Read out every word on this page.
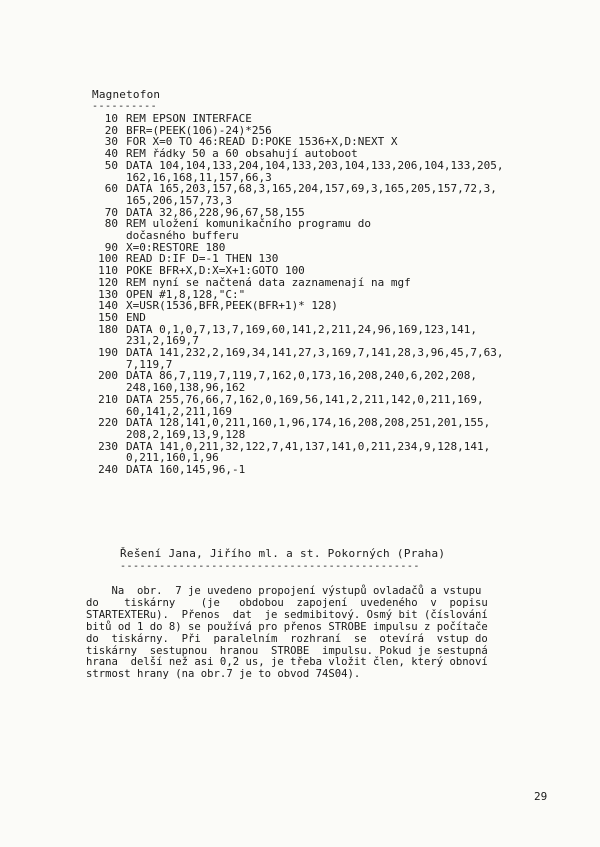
Magnetofon
----------
10 REM EPSON INTERFACE
20 BFR=(PEEK(106)-24)*256
30 FOR X=0 TO 46:READ D:POKE 1536+X,D:NEXT X
40 REM řádky 50 a 60 obsahují autoboot
50 DATA 104,104,133,204,104,133,203,104,133,206,104,133,205,
162,16,168,11,157,66,3
60 DATA 165,203,157,68,3,165,204,157,69,3,165,205,157,72,3,
165,206,157,73,3
70 DATA 32,86,228,96,67,58,155
80 REM uložení komunikačního programu do
dočasného bufferu
90 X=0:RESTORE 180
100 READ D:IF D=-1 THEN 130
110 POKE BFR+X,D:X=X+1:GOTO 100
120 REM nyní se načtená data zaznamenají na mgf
130 OPEN #1,8,128,"C:"
140 X=USR(1536,BFR,PEEK(BFR+1)* 128)
150 END
180 DATA 0,1,0,7,13,7,169,60,141,2,211,24,96,169,123,141,
231,2,169,7
190 DATA 141,232,2,169,34,141,27,3,169,7,141,28,3,96,45,7,63,
7,119,7
200 DATA 86,7,119,7,119,7,162,0,173,16,208,240,6,202,208,
248,160,138,96,162
210 DATA 255,76,66,7,162,0,169,56,141,2,211,142,0,211,169,
60,141,2,211,169
220 DATA 128,141,0,211,160,1,96,174,16,208,208,251,201,155,
208,2,169,13,9,128
230 DATA 141,0,211,32,122,7,41,137,141,0,211,234,9,128,141,
0,211,160,1,96
240 DATA 160,145,96,-1
Řešení Jana, Jiřího ml. a st. Pokorných (Praha)
----------------------------------------------
Na  obr.  7 je uvedeno propojení výstupů ovladačů a vstupu
do    tiskárny    (je   obdobou  zapojení  uvedeného  v  popisu
STARTEXTERu).  Přenos  dat  je sedmibitový. Osmý bit (číslování
bitů od 1 do 8) se používá pro přenos STROBE impulsu z počítače
do  tiskárny.  Při  paralelním  rozhraní  se  otevírá  vstup do
tiskárny  sestupnou  hranou  STROBE  impulsu. Pokud je sestupná
hrana  delší než asi 0,2 us, je třeba vložit člen, který obnoví
strmost hrany (na obr.7 je to obvod 74S04).
29
